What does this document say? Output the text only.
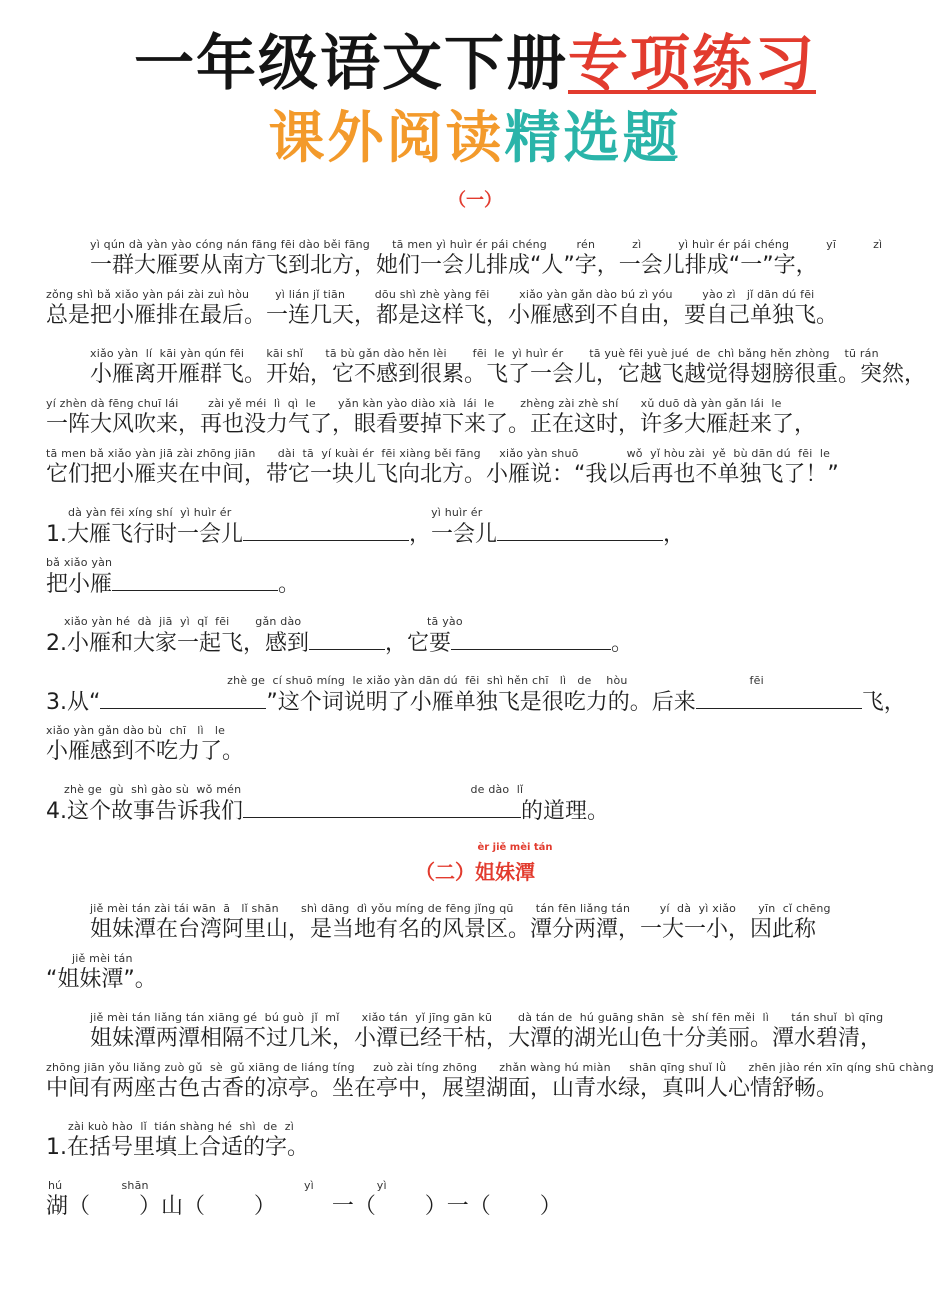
一年级语文下册专项练习
课外阅读精选题
（一）
yì qún dà yàn yào cóng nán fāng fēi dào běi fāng      tā men yì huìr ér pái chéng        rén          zì          yì huìr ér pái chéng          yī          zì
一群大雁要从南方飞到北方，她们一会儿排成“人”字，一会儿排成“一”字，
zǒng shì bǎ xiǎo yàn pái zài zuì hòu       yì lián jǐ tiān        dōu shì zhè yàng fēi        xiǎo yàn gǎn dào bú zì yóu        yào zì   jǐ dān dú fēi
总是把小雁排在最后。一连几天，都是这样飞，小雁感到不自由，要自己单独飞。
xiǎo yàn  lí  kāi yàn qún fēi      kāi shǐ      tā bù gǎn dào hěn lèi       fēi  le  yì huìr ér       tā yuè fēi yuè jué  de  chì bǎng hěn zhòng    tū rán
小雁离开雁群飞。开始，它不感到很累。飞了一会儿，它越飞越觉得翅膀很重。突然，
yí zhèn dà fēng chuī lái        zài yě méi  lì  qì  le      yǎn kàn yào diào xià  lái  le       zhèng zài zhè shí      xǔ duō dà yàn gǎn lái  le
一阵大风吹来，再也没力气了，眼看要掉下来了。正在这时，许多大雁赶来了，
tā men bǎ xiǎo yàn jiā zài zhōng jiān      dài  tā  yí kuài ér  fēi xiàng běi fāng     xiǎo yàn shuō             wǒ  yǐ hòu zài  yě  bù dān dú  fēi  le
它们把小雁夹在中间，带它一块儿飞向北方。小雁说：“我以后再也不单独飞了！”
dà yàn fēi xíng shí  yì huìr ér                                                      yì huìr ér
1.大雁飞行时一会儿	，一会儿	，
bǎ xiǎo yàn
把小雁	。
xiǎo yàn hé  dà  jiā  yì  qǐ  fēi       gǎn dào                                  tā yào
2.小雁和大家一起飞，感到	，它要	。
zhè ge  cí shuō míng  le xiǎo yàn dān dú  fēi  shì hěn chī   lì   de    hòu                                 fēi
3.从“	”这个词说明了小雁单独飞是很吃力的。后来	飞，
xiǎo yàn gǎn dào bù  chī   lì   le
小雁感到不吃力了。
zhè ge  gù  shì gào sù  wǒ mén                                                              de dào  lǐ
4.这个故事告诉我们	的道理。
èr jiě mèi tán
（二）姐妹潭
jiě mèi tán zài tái wān  ā   lǐ shān      shì dāng  dì yǒu míng de fēng jǐng qū      tán fēn liǎng tán        yí  dà  yì xiǎo      yīn  cǐ chēng
姐妹潭在台湾阿里山，是当地有名的风景区。潭分两潭，一大一小，因此称
jiě mèi tán
“姐妹潭”。
jiě mèi tán liǎng tán xiāng gé  bú guò  jǐ  mǐ      xiǎo tán  yǐ jīng gān kū       dà tán de  hú guāng shān  sè  shí fēn měi  lì      tán shuǐ  bì qīng
姐妹潭两潭相隔不过几米，小潭已经干枯，大潭的湖光山色十分美丽。潭水碧清，
zhōng jiān yǒu liǎng zuò gǔ  sè  gǔ xiāng de liáng tíng     zuò zài tíng zhōng      zhǎn wàng hú miàn     shān qīng shuǐ lǜ      zhēn jiào rén xīn qíng shū chàng
中间有两座古色古香的凉亭。坐在亭中，展望湖面，山青水绿，真叫人心情舒畅。
zài kuò hào  lǐ  tián shàng hé  shì  de  zì
1.在括号里填上合适的字。
hú                shān                                          yì                 yì
湖（       ）山（       ）        一（       ）一（       ）
